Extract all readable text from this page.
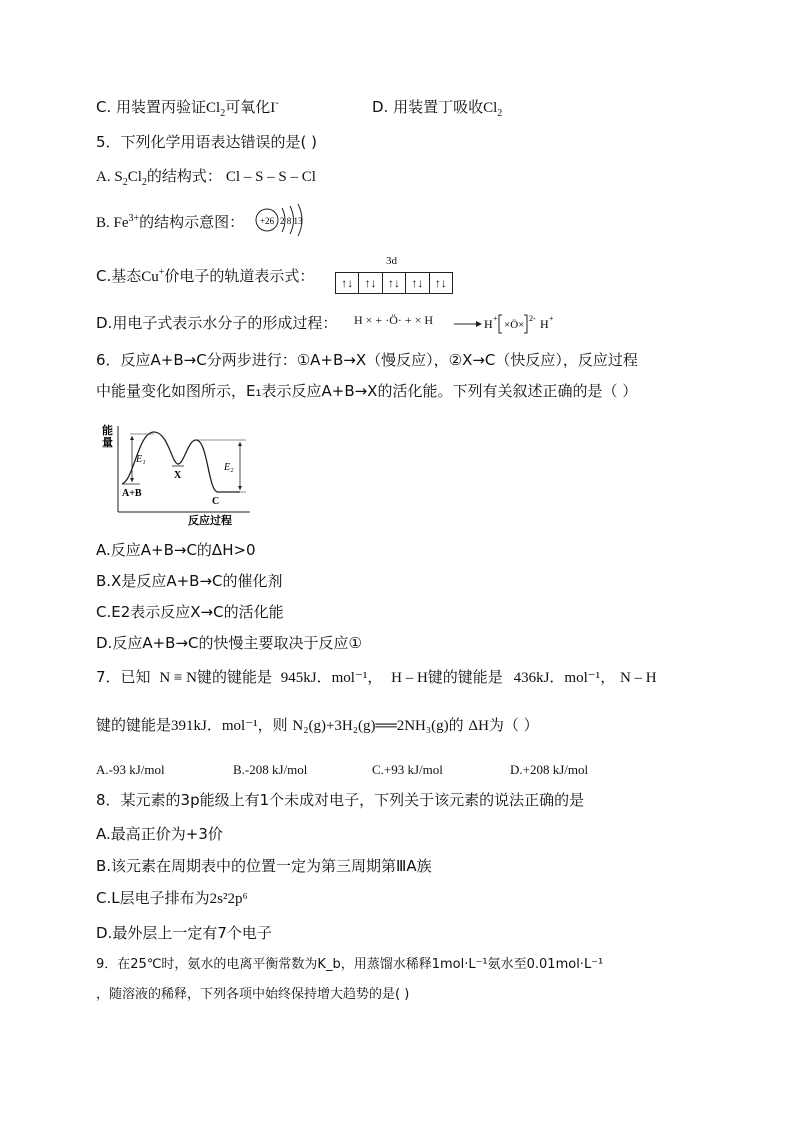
C. 用装置丙验证$Cl_2$可氧化I-	D. 用装置丁吸收$Cl_2$
5．下列化学用语表达错误的是( )
A. $S_2Cl_2$的结构式： Cl – S – S – Cl
B. $Fe^{3+}$的结构示意图： +26 2 8 13
C.基态Cu+价电子的轨道表示式：
3d
↑↓ ↑↓ ↑↓ ↑↓ ↑↓
D.用电子式表示水分子的形成过程： H × + ·Ö· + × H	H +
×Ö×
2- H +
6．反应A+B→C分两步进行：①A+B→X（慢反应），②X→C（快反应），反应过程
中能量变化如图所示，E₁表示反应A+B→X的活化能。下列有关叙述正确的是（ ）
能
量
E₁
E₂
A+B
X
C
反应过程
A.反应A+B→C的ΔH>0
B.X是反应A+B→C的催化剂
C.E2表示反应X→C的活化能
D.反应A+B→C的快慢主要取决于反应①
7．已知 N ≡ N键的键能是 945kJ．mol⁻¹， H – H键的键能是 436kJ．mol⁻¹， N – H
键的键能是391kJ．mol⁻¹，则 N₂(g)+3H₂(g)══2NH₃(g)的 ΔH为（ ）
A.-93 kJ/mol	B.-208 kJ/mol	C.+93 kJ/mol	D.+208 kJ/mol
8．某元素的3p能级上有1个未成对电子，下列关于该元素的说法正确的是
A.最高正价为+3价
B.该元素在周期表中的位置一定为第三周期第ⅢA族
C.L层电子排布为2s²2p⁶
D.最外层上一定有7个电子
9．在25℃时，氨水的电离平衡常数为K_b，用蒸馏水稀释1mol·L⁻¹氨水至0.01mol·L⁻¹
，随溶液的稀释，下列各项中始终保持增大趋势的是( )
